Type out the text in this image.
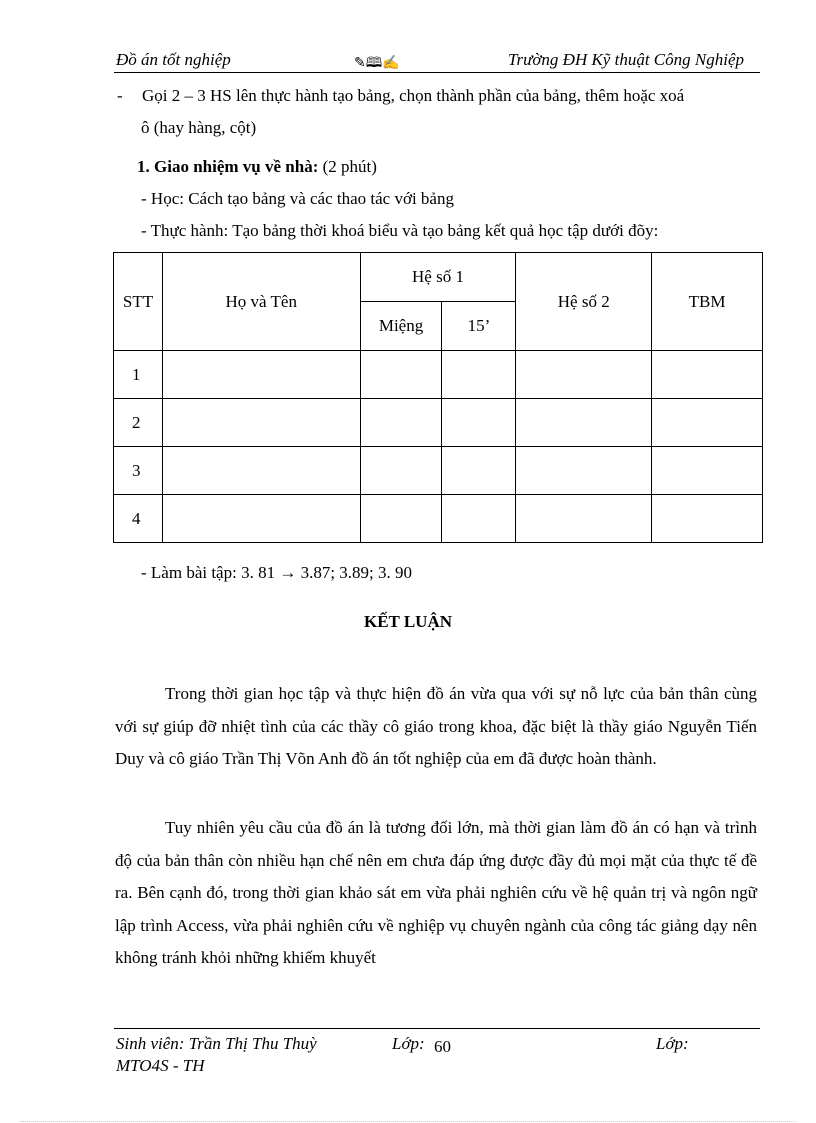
Đồ án tốt nghiệp	✎🕮✍	Trường ĐH Kỹ thuật Công Nghiệp
- Gọi 2 – 3 HS lên thực hành tạo bảng, chọn thành phần của bảng, thêm hoặc xoá
ô (hay hàng, cột)
1. Giao nhiệm vụ về nhà: (2 phút)
- Học: Cách tạo bảng và các thao tác với bảng
- Thực hành: Tạo bảng thời khoá biểu và tạo bảng kết quả học tập dưới đõy:
STT	Họ và Tên	Hệ số 1		Hệ số 2	TBM
		Miệng	15’		
1					
2					
3					
4					
- Làm bài tập: 3. 81 → 3.87; 3.89; 3. 90
KẾT LUẬN

Trong thời gian học tập và thực hiện đồ án vừa qua với sự nỗ lực của bản thân cùng với sự giúp đỡ nhiệt tình của các thầy cô giáo trong khoa, đặc biệt là thầy giáo Nguyễn Tiến Duy và cô giáo Trần Thị Võn Anh đồ án tốt nghiệp của em đã được hoàn thành.

Tuy nhiên yêu cầu của đồ án là tương đối lớn, mà thời gian làm đồ án có hạn và trình độ của bản thân còn nhiều hạn chế nên em chưa đáp ứng được đầy đủ mọi mặt của thực tế đề ra. Bên cạnh đó, trong thời gian khảo sát em vừa phải nghiên cứu về hệ quản trị và ngôn ngữ lập trình Access, vừa phải nghiên cứu về nghiệp vụ chuyên ngành của công tác giảng dạy nên không tránh khỏi những khiếm khuyết

Sinh viên: Trần Thị Thu Thuỳ	Lớp: 60	Lớp:
MTO4S - TH
